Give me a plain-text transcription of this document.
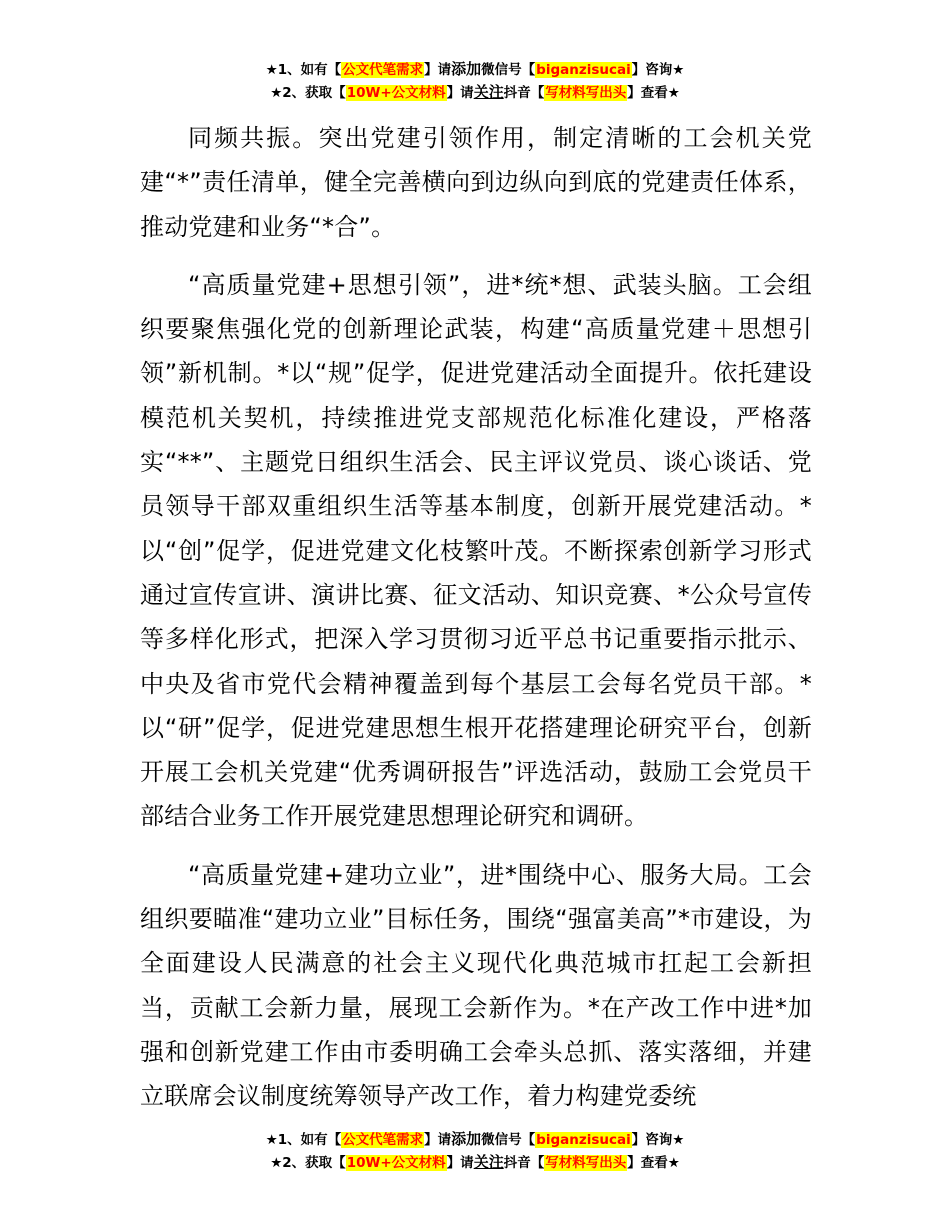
★1、如有【公文代笔需求】请添加微信号【biganzisucai】咨询★
★2、获取【10W+公文材料】请关注抖音【写材料写出头】查看★

同频共振。突出党建引领作用，制定清晰的工会机关党建“*”责任清单，健全完善横向到边纵向到底的党建责任体系，推动党建和业务“*合”。

“高质量党建+思想引领”，进*统*想、武装头脑。工会组织要聚焦强化党的创新理论武装，构建“高质量党建＋思想引领”新机制。*以“规”促学，促进党建活动全面提升。依托建设模范机关契机，持续推进党支部规范化标准化建设，严格落实“**”、主题党日组织生活会、民主评议党员、谈心谈话、党员领导干部双重组织生活等基本制度，创新开展党建活动。*以“创”促学，促进党建文化枝繁叶茂。不断探索创新学习形式通过宣传宣讲、演讲比赛、征文活动、知识竞赛、*公众号宣传等多样化形式，把深入学习贯彻习近平总书记重要指示批示、中央及省市党代会精神覆盖到每个基层工会每名党员干部。*以“研”促学，促进党建思想生根开花搭建理论研究平台，创新开展工会机关党建“优秀调研报告”评选活动，鼓励工会党员干部结合业务工作开展党建思想理论研究和调研。

“高质量党建+建功立业”，进*围绕中心、服务大局。工会组织要瞄准“建功立业”目标任务，围绕“强富美高”*市建设，为全面建设人民满意的社会主义现代化典范城市扛起工会新担当，贡献工会新力量，展现工会新作为。*在产改工作中进*加强和创新党建工作由市委明确工会牵头总抓、落实落细，并建立联席会议制度统筹领导产改工作，着力构建党委统

★1、如有【公文代笔需求】请添加微信号【biganzisucai】咨询★
★2、获取【10W+公文材料】请关注抖音【写材料写出头】查看★
